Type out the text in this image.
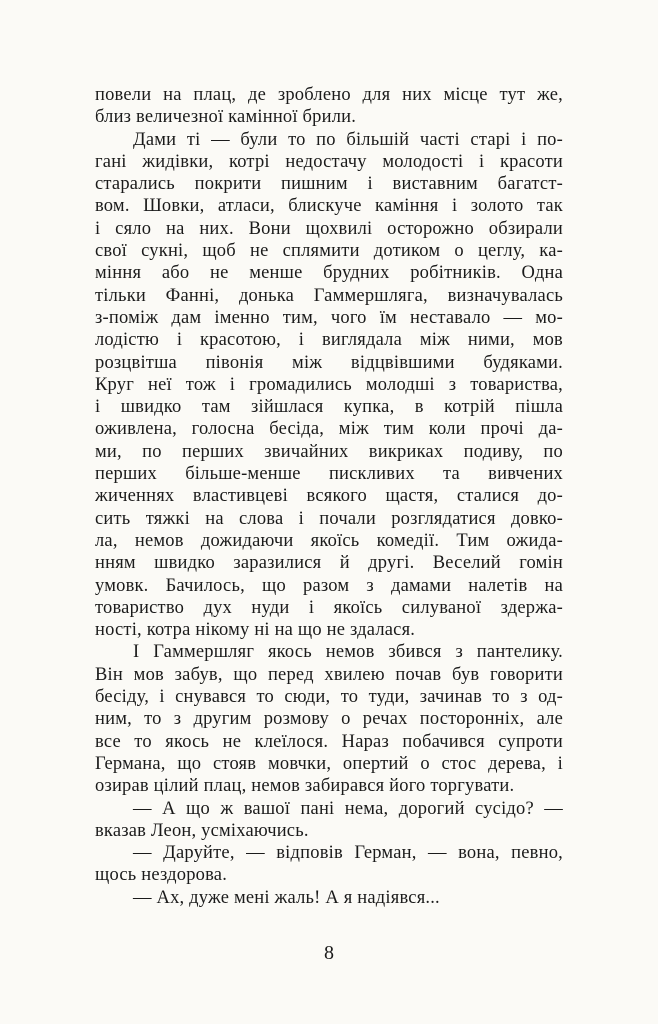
повели на плац, де зроблено для них місце тут же,
близ величезної камінної брили.
Дами ті — були то по більшій часті старі і по-
гані жидівки, котрі недостачу молодості і красоти
старались покрити пишним і виставним багатст-
вом. Шовки, атласи, блискуче каміння і золото так
і сяло на них. Вони щохвилі осторожно обзирали
свої сукні, щоб не сплямити дотиком о цеглу, ка-
міння або не менше брудних робітників. Одна
тільки Фанні, донька Гаммершляга, визначувалась
з-поміж дам іменно тим, чого їм неставало — мо-
лодістю і красотою, і виглядала між ними, мов
розцвітша півонія між відцвівшими будяками.
Круг неї тож і громадились молодші з товариства,
і швидко там зійшлася купка, в котрій пішла
оживлена, голосна бесіда, між тим коли прочі да-
ми, по перших звичайних викриках подиву, по
перших більше-менше пискливих та вивчених
жиченнях властивцеві всякого щастя, сталися до-
сить тяжкі на слова і почали розглядатися довко-
ла, немов дожидаючи якоїсь комедії. Тим ожида-
нням швидко заразилися й другі. Веселий гомін
умовк. Бачилось, що разом з дамами налетів на
товариство дух нуди і якоїсь силуваної здержа-
ності, котра нікому ні на що не здалася.
І Гаммершляг якось немов збився з пантелику.
Він мов забув, що перед хвилею почав був говорити
бесіду, і снувався то сюди, то туди, зачинав то з од-
ним, то з другим розмову о речах посторонніх, але
все то якось не клеїлося. Нараз побачився супроти
Германа, що стояв мовчки, опертий о стос дерева, і
озирав цілий плац, немов забирався його торгувати.
— А що ж вашої пані нема, дорогий сусідо? —
вказав Леон, усміхаючись.
— Даруйте, — відповів Герман, — вона, певно,
щось нездорова.
— Ах, дуже мені жаль! А я надіявся...
8
